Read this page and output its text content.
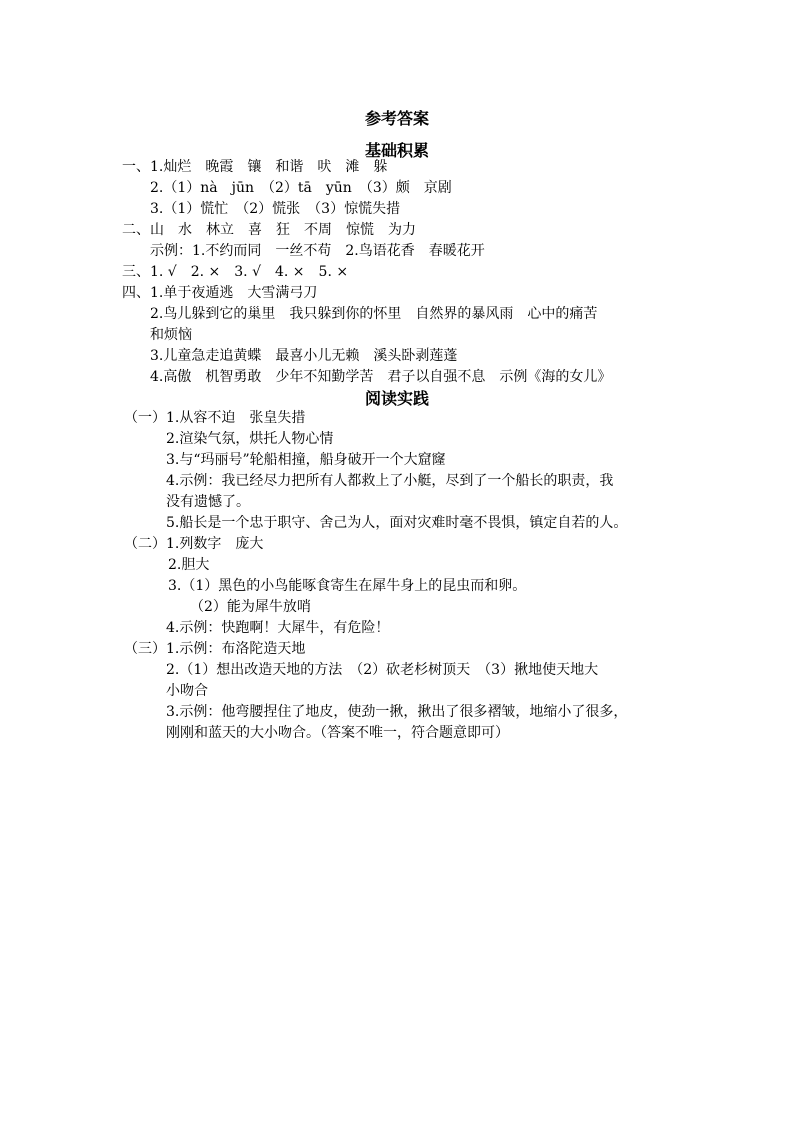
参考答案
基础积累
一、1.灿烂　晚霞　镶　和谐　吠　滩　躲
2.（1）nà　jūn　（2）tā　yūn　（3）颇　京剧
3.（1）慌忙　（2）慌张　（3）惊慌失措
二、山　水　林立　喜　狂　不周　惊慌　为力
示例：1.不约而同　一丝不苟　2.鸟语花香　春暖花开
三、1. √　2. ×　3. √　4. ×　5. ×
四、1.单于夜遁逃　大雪满弓刀
2.鸟儿躲到它的巢里　我只躲到你的怀里　自然界的暴风雨　心中的痛苦
和烦恼
3.儿童急走追黄蝶　最喜小儿无赖　溪头卧剥莲蓬
4.高傲　机智勇敢　少年不知勤学苦　君子以自强不息　示例《海的女儿》
阅读实践
（一）1.从容不迫　张皇失措
2.渲染气氛，烘托人物心情
3.与“玛丽号”轮船相撞，船身破开一个大窟窿
4.示例：我已经尽力把所有人都救上了小艇，尽到了一个船长的职责，我
没有遗憾了。
5.船长是一个忠于职守、舍己为人，面对灾难时毫不畏惧，镇定自若的人。
（二）1.列数字　庞大
2.胆大
3.（1）黑色的小鸟能啄食寄生在犀牛身上的昆虫而和卵。
（2）能为犀牛放哨
4.示例：快跑啊！大犀牛，有危险！
（三）1.示例：布洛陀造天地
2.（1）想出改造天地的方法　（2）砍老杉树顶天　（3）揪地使天地大
小吻合
3.示例：他弯腰捏住了地皮，使劲一揪，揪出了很多褶皱，地缩小了很多，
刚刚和蓝天的大小吻合。（答案不唯一，符合题意即可）
